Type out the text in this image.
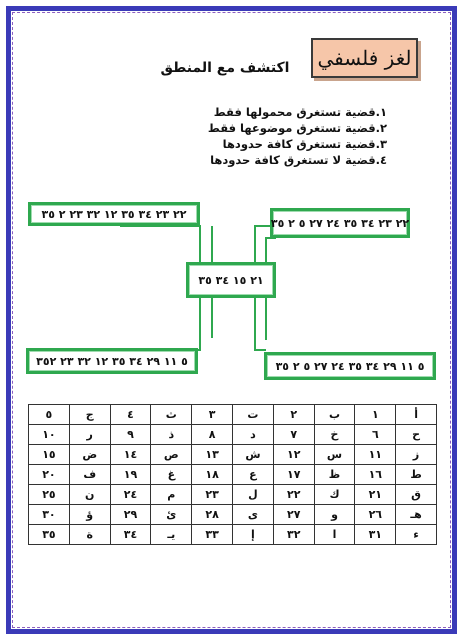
لغز فلسفي
اكتشف مع المنطق
١.قضية تستغرق محمولها فقط
٢.قضية تستغرق موضوعها فقط
٣.قضية تستغرق كافة حدودها
٤.قضية لا تستغرق كافة حدودها
٢٢ ٢٣ ٣٤ ٣٥ ١٢ ٣٢ ٢٣ ٢ ٣٥
٢٢ ٢٣ ٣٤ ٣٥ ٢٤ ٢٧ ٥ ٢ ٣٥
٢١ ١٥ ٣٤ ٣٥
٥ ١١ ٢٩ ٣٤ ٣٥ ١٢ ٣٢ ٢٣ ٣٥٢	٥ ١١ ٢٩ ٣٤ ٣٥ ٢٤ ٢٧ ٥ ٢ ٣٥
أ	١	ب	٢	ت	٣	ث	٤	ج	٥
ح	٦	خ	٧	د	٨	ذ	٩	ر	١٠
ز	١١	س	١٢	ش	١٣	ص	١٤	ض	١٥
ط	١٦	ظ	١٧	ع	١٨	غ	١٩	ف	٢٠
ق	٢١	ك	٢٢	ل	٢٣	م	٢٤	ن	٢٥
هـ	٢٦	و	٢٧	ى	٢٨	ئ	٢٩	ؤ	٣٠
ء	٣١	ا	٣٢	إ	٣٣	يـ	٣٤	ة	٣٥
